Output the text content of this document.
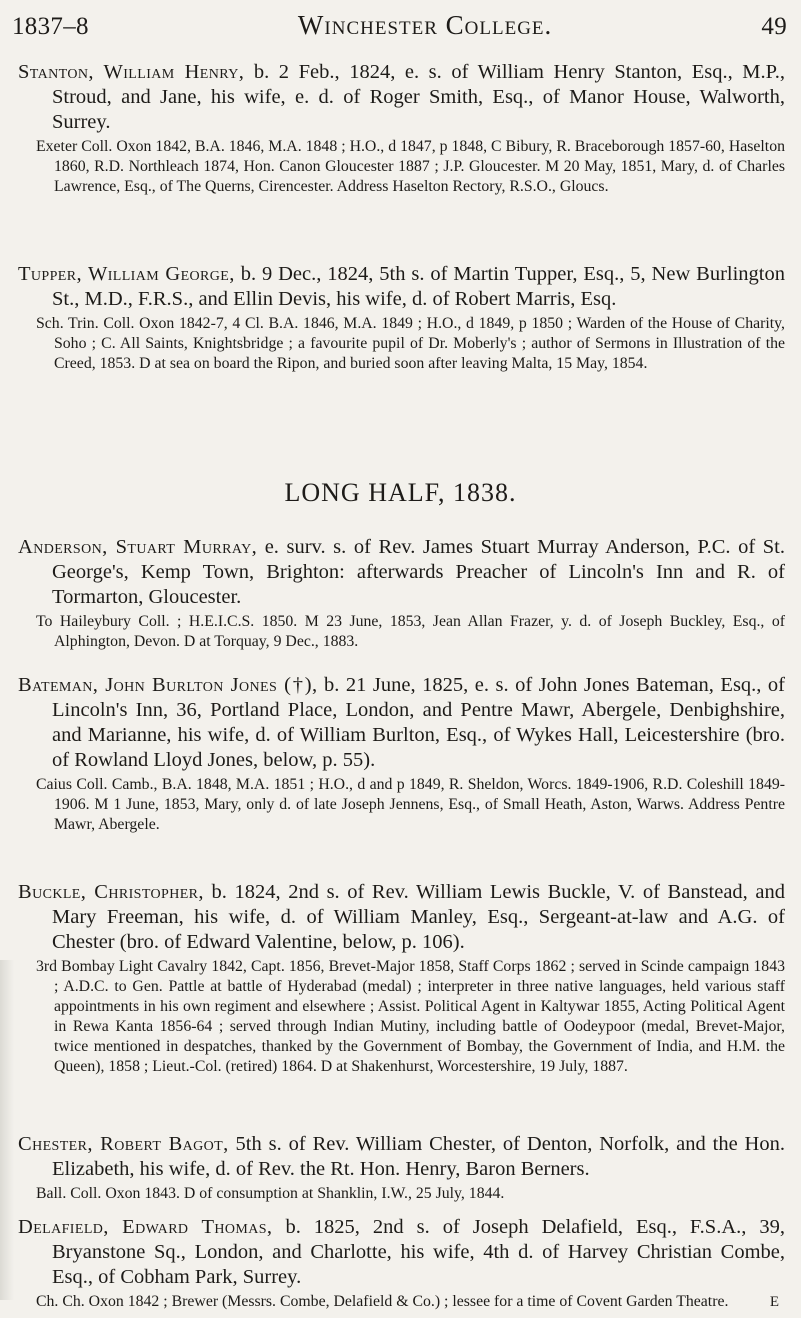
1837–8	Winchester College.	49
Stanton, William Henry, b. 2 Feb., 1824, e. s. of William Henry Stanton, Esq., M.P., Stroud, and Jane, his wife, e. d. of Roger Smith, Esq., of Manor House, Walworth, Surrey.
Exeter Coll. Oxon 1842, B.A. 1846, M.A. 1848 ; H.O., d 1847, p 1848, C Bibury, R. Braceborough 1857-60, Haselton 1860, R.D. Northleach 1874, Hon. Canon Gloucester 1887 ; J.P. Gloucester. M 20 May, 1851, Mary, d. of Charles Lawrence, Esq., of The Querns, Cirencester. Address Haselton Rectory, R.S.O., Gloucs.
Tupper, William George, b. 9 Dec., 1824, 5th s. of Martin Tupper, Esq., 5, New Burlington St., M.D., F.R.S., and Ellin Devis, his wife, d. of Robert Marris, Esq.
Sch. Trin. Coll. Oxon 1842-7, 4 Cl. B.A. 1846, M.A. 1849 ; H.O., d 1849, p 1850 ; Warden of the House of Charity, Soho ; C. All Saints, Knightsbridge ; a favourite pupil of Dr. Moberly's ; author of Sermons in Illustration of the Creed, 1853. D at sea on board the Ripon, and buried soon after leaving Malta, 15 May, 1854.
LONG HALF, 1838.
Anderson, Stuart Murray, e. surv. s. of Rev. James Stuart Murray Anderson, P.C. of St. George's, Kemp Town, Brighton: afterwards Preacher of Lincoln's Inn and R. of Tormarton, Gloucester.
To Haileybury Coll. ; H.E.I.C.S. 1850. M 23 June, 1853, Jean Allan Frazer, y. d. of Joseph Buckley, Esq., of Alphington, Devon. D at Torquay, 9 Dec., 1883.
Bateman, John Burlton Jones (†), b. 21 June, 1825, e. s. of John Jones Bateman, Esq., of Lincoln's Inn, 36, Portland Place, London, and Pentre Mawr, Abergele, Denbighshire, and Marianne, his wife, d. of William Burlton, Esq., of Wykes Hall, Leicestershire (bro. of Rowland Lloyd Jones, below, p. 55).
Caius Coll. Camb., B.A. 1848, M.A. 1851 ; H.O., d and p 1849, R. Sheldon, Worcs. 1849-1906, R.D. Coleshill 1849-1906. M 1 June, 1853, Mary, only d. of late Joseph Jennens, Esq., of Small Heath, Aston, Warws. Address Pentre Mawr, Abergele.
Buckle, Christopher, b. 1824, 2nd s. of Rev. William Lewis Buckle, V. of Banstead, and Mary Freeman, his wife, d. of William Manley, Esq., Sergeant-at-law and A.G. of Chester (bro. of Edward Valentine, below, p. 106).
3rd Bombay Light Cavalry 1842, Capt. 1856, Brevet-Major 1858, Staff Corps 1862 ; served in Scinde campaign 1843 ; A.D.C. to Gen. Pattle at battle of Hyderabad (medal) ; interpreter in three native languages, held various staff appointments in his own regiment and elsewhere ; Assist. Political Agent in Kaltywar 1855, Acting Political Agent in Rewa Kanta 1856-64 ; served through Indian Mutiny, including battle of Oodeypoor (medal, Brevet-Major, twice mentioned in despatches, thanked by the Government of Bombay, the Government of India, and H.M. the Queen), 1858 ; Lieut.-Col. (retired) 1864. D at Shakenhurst, Worcestershire, 19 July, 1887.
Chester, Robert Bagot, 5th s. of Rev. William Chester, of Denton, Norfolk, and the Hon. Elizabeth, his wife, d. of Rev. the Rt. Hon. Henry, Baron Berners.
Ball. Coll. Oxon 1843. D of consumption at Shanklin, I.W., 25 July, 1844.
Delafield, Edward Thomas, b. 1825, 2nd s. of Joseph Delafield, Esq., F.S.A., 39, Bryanstone Sq., London, and Charlotte, his wife, 4th d. of Harvey Christian Combe, Esq., of Cobham Park, Surrey.
Ch. Ch. Oxon 1842 ; Brewer (Messrs. Combe, Delafield & Co.) ; lessee for a time of Covent Garden Theatre.	E
